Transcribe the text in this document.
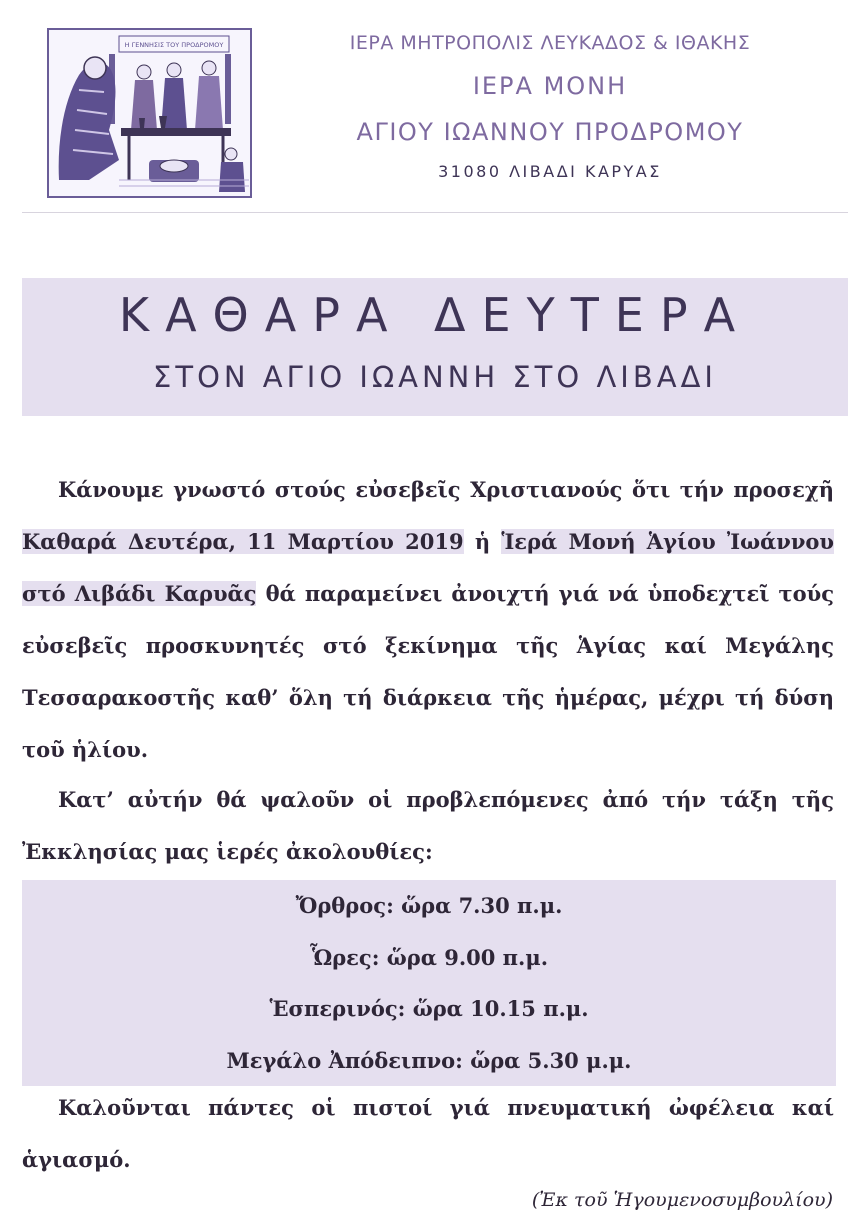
Η ΓΕΝΝΗΣΙΣ ΤΟΥ ΠΡΟΔΡΟΜΟΥ	ΙΕΡΑ ΜΗΤΡΟΠΟΛΙΣ ΛΕΥΚΑΔΟΣ & ΙΘΑΚΗΣ
ΙΕΡΑ ΜΟΝΗ
ΑΓΙΟΥ ΙΩΑΝΝΟΥ ΠΡΟΔΡΟΜΟΥ
31080 ΛΙΒΑΔΙ ΚΑΡΥΑΣ
ΚΑΘΑΡΑ ΔΕΥΤΕΡΑ
ΣΤΟΝ ΑΓΙΟ ΙΩΑΝΝΗ ΣΤΟ ΛΙΒΑΔΙ

Κάνουμε γνωστό στούς εὐσεβεῖς Χριστιανούς ὅτι τήν προσεχῆ Καθαρά Δευτέρα, 11 Μαρτίου 2019 ἡ Ἱερά Μονή Ἁγίου Ἰωάννου στό Λιβάδι Καρυᾶς θά παραμείνει ἀνοιχτή γιά νά ὑποδεχτεῖ τούς εὐσεβεῖς προσκυνητές στό ξεκίνημα τῆς Ἁγίας καί Μεγάλης Τεσσαρακοστῆς καθ’ ὅλη τή διάρκεια τῆς ἡμέρας, μέχρι τή δύση τοῦ ἡλίου.

Κατ’ αὐτήν θά ψαλοῦν οἱ προβλεπόμενες ἀπό τήν τάξη τῆς Ἐκκλησίας μας ἱερές ἀκολουθίες:

Ὄρθρος: ὥρα 7.30 π.μ.
Ὧρες: ὥρα 9.00 π.μ.
Ἑσπερινός: ὥρα 10.15 π.μ.
Μεγάλο Ἀπόδειπνο: ὥρα 5.30 μ.μ.

Καλοῦνται πάντες οἱ πιστοί γιά πνευματική ὠφέλεια καί ἁγιασμό.

(Ἐκ τοῦ Ἡγουμενοσυμβουλίου)
